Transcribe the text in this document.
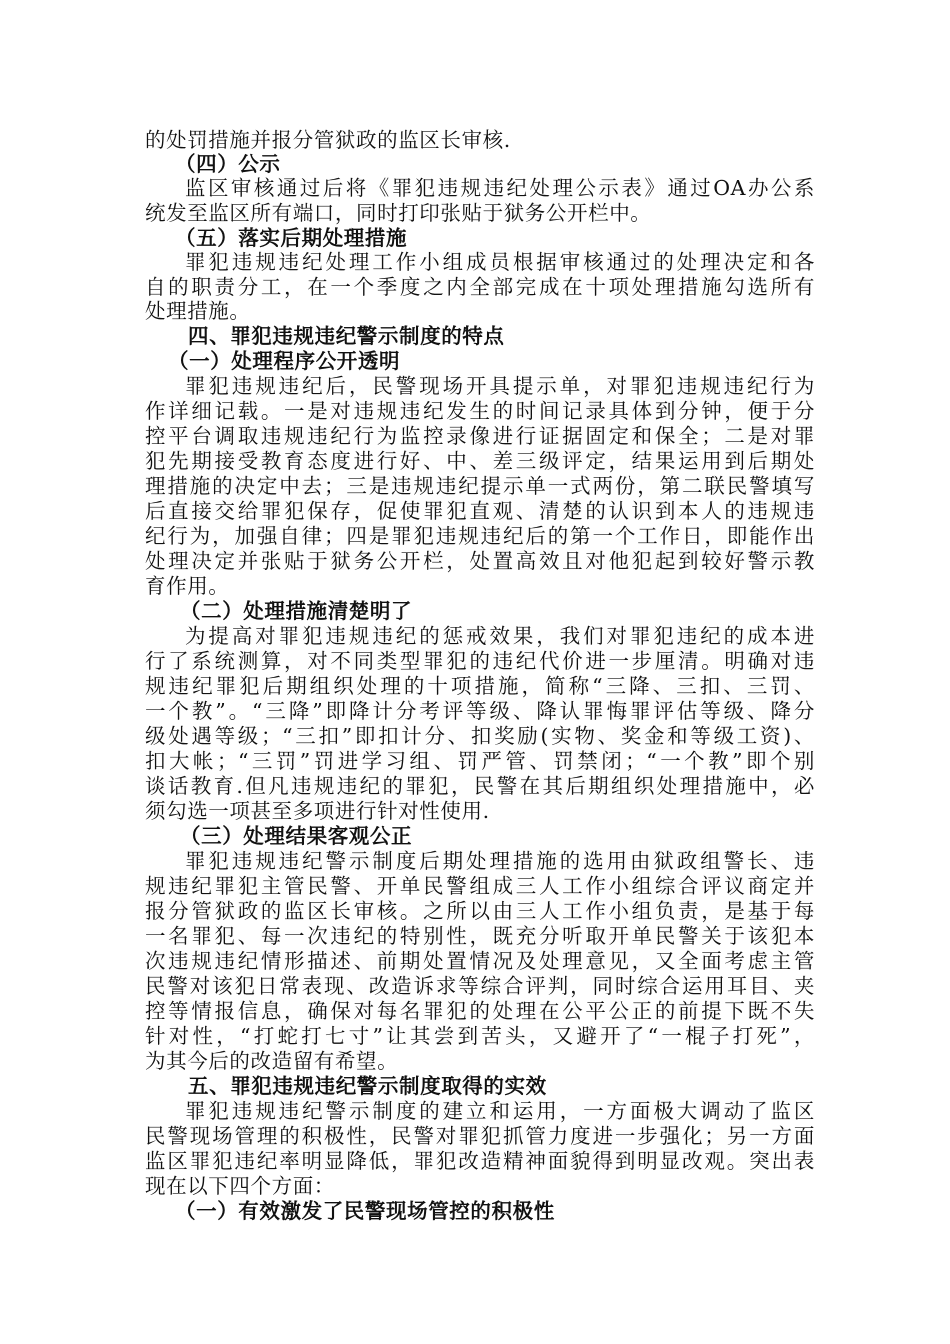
的处罚措施并报分管狱政的监区长审核.
（四）公示
监区审核通过后将《罪犯违规违纪处理公示表》通过OA办公系
统发至监区所有端口，同时打印张贴于狱务公开栏中。
（五）落实后期处理措施
罪犯违规违纪处理工作小组成员根据审核通过的处理决定和各
自的职责分工，在一个季度之内全部完成在十项处理措施勾选所有
处理措施。
四、罪犯违规违纪警示制度的特点
（一）处理程序公开透明
罪犯违规违纪后，民警现场开具提示单，对罪犯违规违纪行为
作详细记载。一是对违规违纪发生的时间记录具体到分钟，便于分
控平台调取违规违纪行为监控录像进行证据固定和保全；二是对罪
犯先期接受教育态度进行好、中、差三级评定，结果运用到后期处
理措施的决定中去；三是违规违纪提示单一式两份，第二联民警填写
后直接交给罪犯保存，促使罪犯直观、清楚的认识到本人的违规违
纪行为，加强自律；四是罪犯违规违纪后的第一个工作日，即能作出
处理决定并张贴于狱务公开栏，处置高效且对他犯起到较好警示教
育作用。
（二）处理措施清楚明了
为提高对罪犯违规违纪的惩戒效果，我们对罪犯违纪的成本进
行了系统测算，对不同类型罪犯的违纪代价进一步厘清。明确对违
规违纪罪犯后期组织处理的十项措施，简称“三降、三扣、三罚、
一个教”。“三降”即降计分考评等级、降认罪悔罪评估等级、降分
级处遇等级；“三扣”即扣计分、扣奖励(实物、奖金和等级工资)、
扣大帐；“三罚”罚进学习组、罚严管、罚禁闭；“一个教”即个别
谈话教育.但凡违规违纪的罪犯，民警在其后期组织处理措施中，必
须勾选一项甚至多项进行针对性使用.
（三）处理结果客观公正
罪犯违规违纪警示制度后期处理措施的选用由狱政组警长、违
规违纪罪犯主管民警、开单民警组成三人工作小组综合评议商定并
报分管狱政的监区长审核。之所以由三人工作小组负责，是基于每
一名罪犯、每一次违纪的特别性，既充分听取开单民警关于该犯本
次违规违纪情形描述、前期处置情况及处理意见，又全面考虑主管
民警对该犯日常表现、改造诉求等综合评判，同时综合运用耳目、夹
控等情报信息，确保对每名罪犯的处理在公平公正的前提下既不失
针对性，“打蛇打七寸”让其尝到苦头，又避开了“一棍子打死”，
为其今后的改造留有希望。
五、罪犯违规违纪警示制度取得的实效
罪犯违规违纪警示制度的建立和运用，一方面极大调动了监区
民警现场管理的积极性，民警对罪犯抓管力度进一步强化；另一方面
监区罪犯违纪率明显降低，罪犯改造精神面貌得到明显改观。突出表
现在以下四个方面：
（一）有效激发了民警现场管控的积极性
